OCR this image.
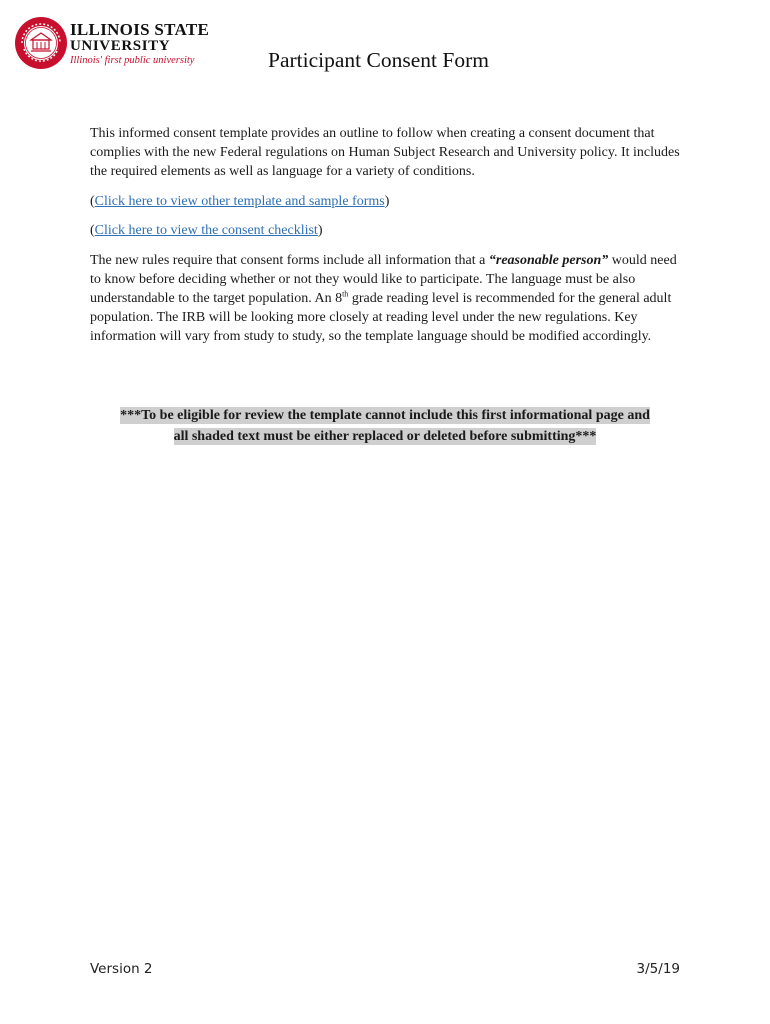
ILLINOIS STATE
UNIVERSITY
Illinois' first public university	Participant Consent Form

This informed consent template provides an outline to follow when creating a consent document that complies with the new Federal regulations on Human Subject Research and University policy. It includes the required elements as well as language for a variety of conditions.

(Click here to view other template and sample forms)

(Click here to view the consent checklist)

The new rules require that consent forms include all information that a “reasonable person” would need to know before deciding whether or not they would like to participate. The language must be also understandable to the target population. An 8th grade reading level is recommended for the general adult population. The IRB will be looking more closely at reading level under the new regulations. Key information will vary from study to study, so the template language should be modified accordingly.

***To be eligible for review the template cannot include this first informational page and
all shaded text must be either replaced or deleted before submitting***
Version 2	3/5/19
